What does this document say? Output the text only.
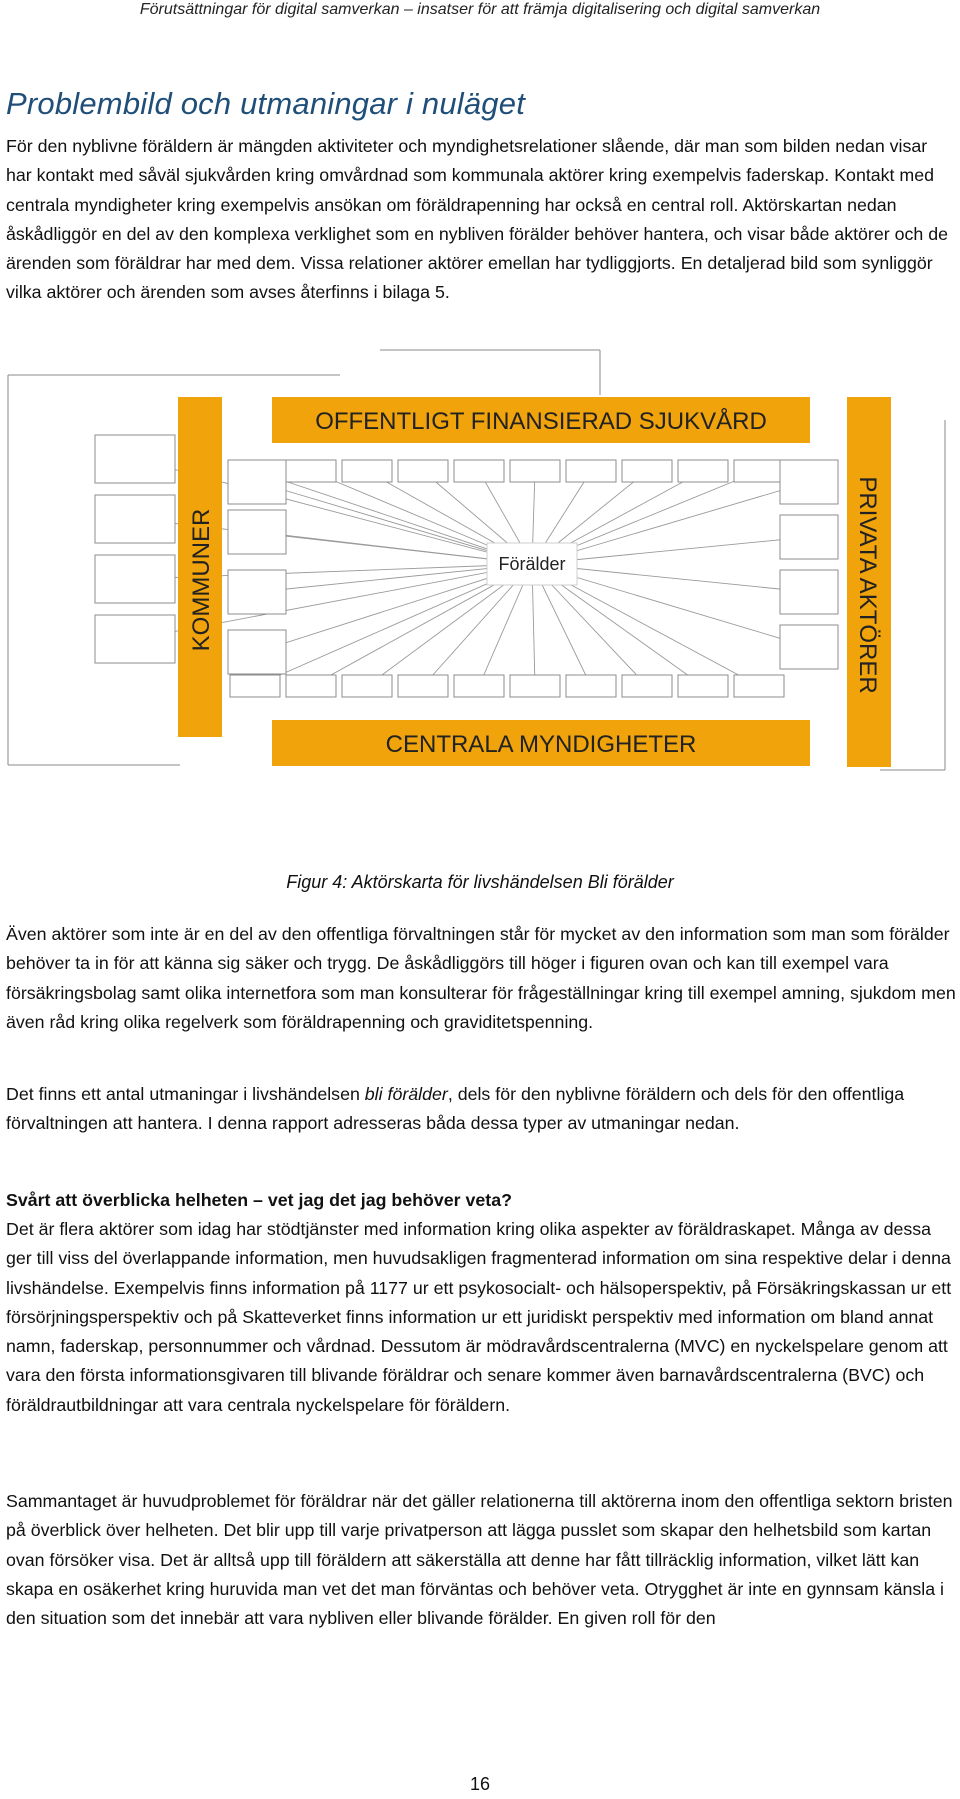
Förutsättningar för digital samverkan – insatser för att främja digitalisering och digital samverkan
Problembild och utmaningar i nuläget

För den nyblivne föräldern är mängden aktiviteter och myndighetsrelationer slående, där man som bilden nedan visar har kontakt med såväl sjukvården kring omvårdnad som kommunala aktörer kring exempelvis faderskap. Kontakt med centrala myndigheter kring exempelvis ansökan om föräldrapenning har också en central roll. Aktörskartan nedan åskådliggör en del av den komplexa verklighet som en nybliven förälder behöver hantera, och visar både aktörer och de ärenden som föräldrar har med dem. Vissa relationer aktörer emellan har tydliggjorts. En detaljerad bild som synliggör vilka aktörer och ärenden som avses återfinns i bilaga 5.

OFFENTLIGT FINANSIERAD SJUKVÅRD
CENTRALA MYNDIGHETER
KOMMUNER	PRIVATA AKTÖRER
Förälder
Figur 4: Aktörskarta för livshändelsen Bli förälder

Även aktörer som inte är en del av den offentliga förvaltningen står för mycket av den information som man som förälder behöver ta in för att känna sig säker och trygg. De åskådliggörs till höger i figuren ovan och kan till exempel vara försäkringsbolag samt olika internetfora som man konsulterar för frågeställningar kring till exempel amning, sjukdom men även råd kring olika regelverk som föräldrapenning och graviditetspenning.

Det finns ett antal utmaningar i livshändelsen bli förälder, dels för den nyblivne föräldern och dels för den offentliga förvaltningen att hantera. I denna rapport adresseras båda dessa typer av utmaningar nedan.

Svårt att överblicka helheten – vet jag det jag behöver veta?

Det är flera aktörer som idag har stödtjänster med information kring olika aspekter av föräldraskapet. Många av dessa ger till viss del överlappande information, men huvudsakligen fragmenterad information om sina respektive delar i denna livshändelse. Exempelvis finns information på 1177 ur ett psykosocialt- och hälsoperspektiv, på Försäkringskassan ur ett försörjningsperspektiv och på Skatteverket finns information ur ett juridiskt perspektiv med information om bland annat namn, faderskap, personnummer och vårdnad. Dessutom är mödravårdscentralerna (MVC) en nyckelspelare genom att vara den första informationsgivaren till blivande föräldrar och senare kommer även barnavårdscentralerna (BVC) och föräldrautbildningar att vara centrala nyckelspelare för föräldern.

Sammantaget är huvudproblemet för föräldrar när det gäller relationerna till aktörerna inom den offentliga sektorn bristen på överblick över helheten. Det blir upp till varje privatperson att lägga pusslet som skapar den helhetsbild som kartan ovan försöker visa. Det är alltså upp till föräldern att säkerställa att denne har fått tillräcklig information, vilket lätt kan skapa en osäkerhet kring huruvida man vet det man förväntas och behöver veta. Otrygghet är inte en gynnsam känsla i den situation som det innebär att vara nybliven eller blivande förälder. En given roll för den

16
